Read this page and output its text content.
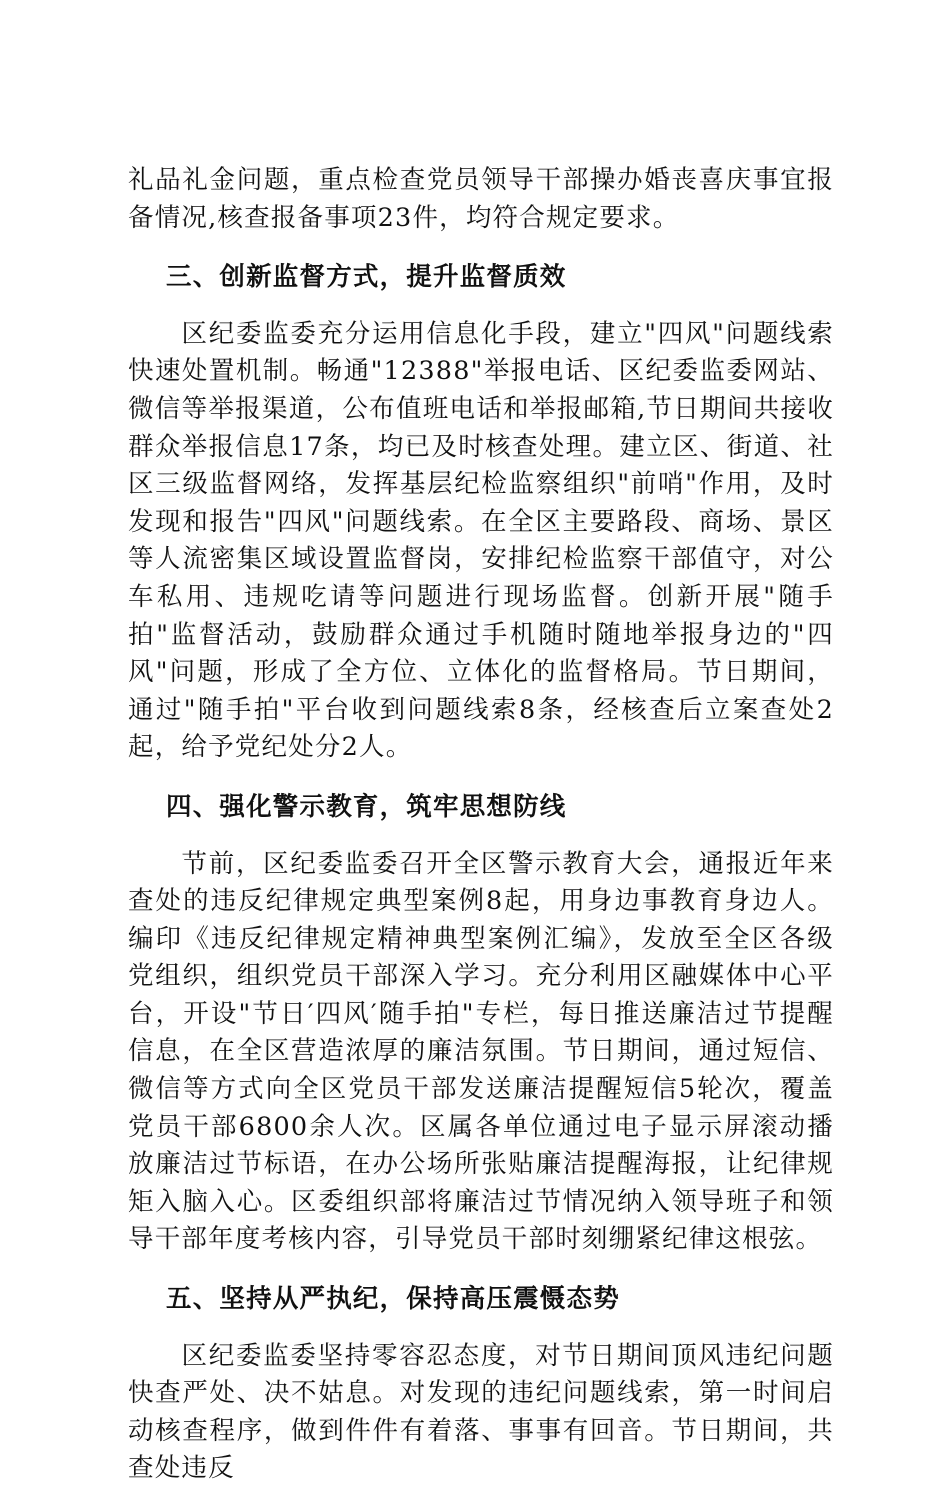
礼品礼金问题，重点检查党员领导干部操办婚丧喜庆事宜报备情况,核查报备事项23件，均符合规定要求。

三、创新监督方式，提升监督质效

区纪委监委充分运用信息化手段，建立"四风"问题线索快速处置机制。畅通"12388"举报电话、区纪委监委网站、微信等举报渠道，公布值班电话和举报邮箱,节日期间共接收群众举报信息17条，均已及时核查处理。建立区、街道、社区三级监督网络，发挥基层纪检监察组织"前哨"作用，及时发现和报告"四风"问题线索。在全区主要路段、商场、景区等人流密集区域设置监督岗，安排纪检监察干部值守，对公车私用、违规吃请等问题进行现场监督。创新开展"随手拍"监督活动，鼓励群众通过手机随时随地举报身边的"四风"问题，形成了全方位、立体化的监督格局。节日期间，通过"随手拍"平台收到问题线索8条，经核查后立案查处2起，给予党纪处分2人。

四、强化警示教育，筑牢思想防线

节前，区纪委监委召开全区警示教育大会，通报近年来查处的违反纪律规定典型案例8起，用身边事教育身边人。编印《违反纪律规定精神典型案例汇编》，发放至全区各级党组织，组织党员干部深入学习。充分利用区融媒体中心平台，开设"节日′四风′随手拍"专栏，每日推送廉洁过节提醒信息，在全区营造浓厚的廉洁氛围。节日期间，通过短信、微信等方式向全区党员干部发送廉洁提醒短信5轮次，覆盖党员干部6800余人次。区属各单位通过电子显示屏滚动播放廉洁过节标语，在办公场所张贴廉洁提醒海报，让纪律规矩入脑入心。区委组织部将廉洁过节情况纳入领导班子和领导干部年度考核内容，引导党员干部时刻绷紧纪律这根弦。

五、坚持从严执纪，保持高压震慑态势

区纪委监委坚持零容忍态度，对节日期间顶风违纪问题快查严处、决不姑息。对发现的违纪问题线索，第一时间启动核查程序，做到件件有着落、事事有回音。节日期间，共查处违反
